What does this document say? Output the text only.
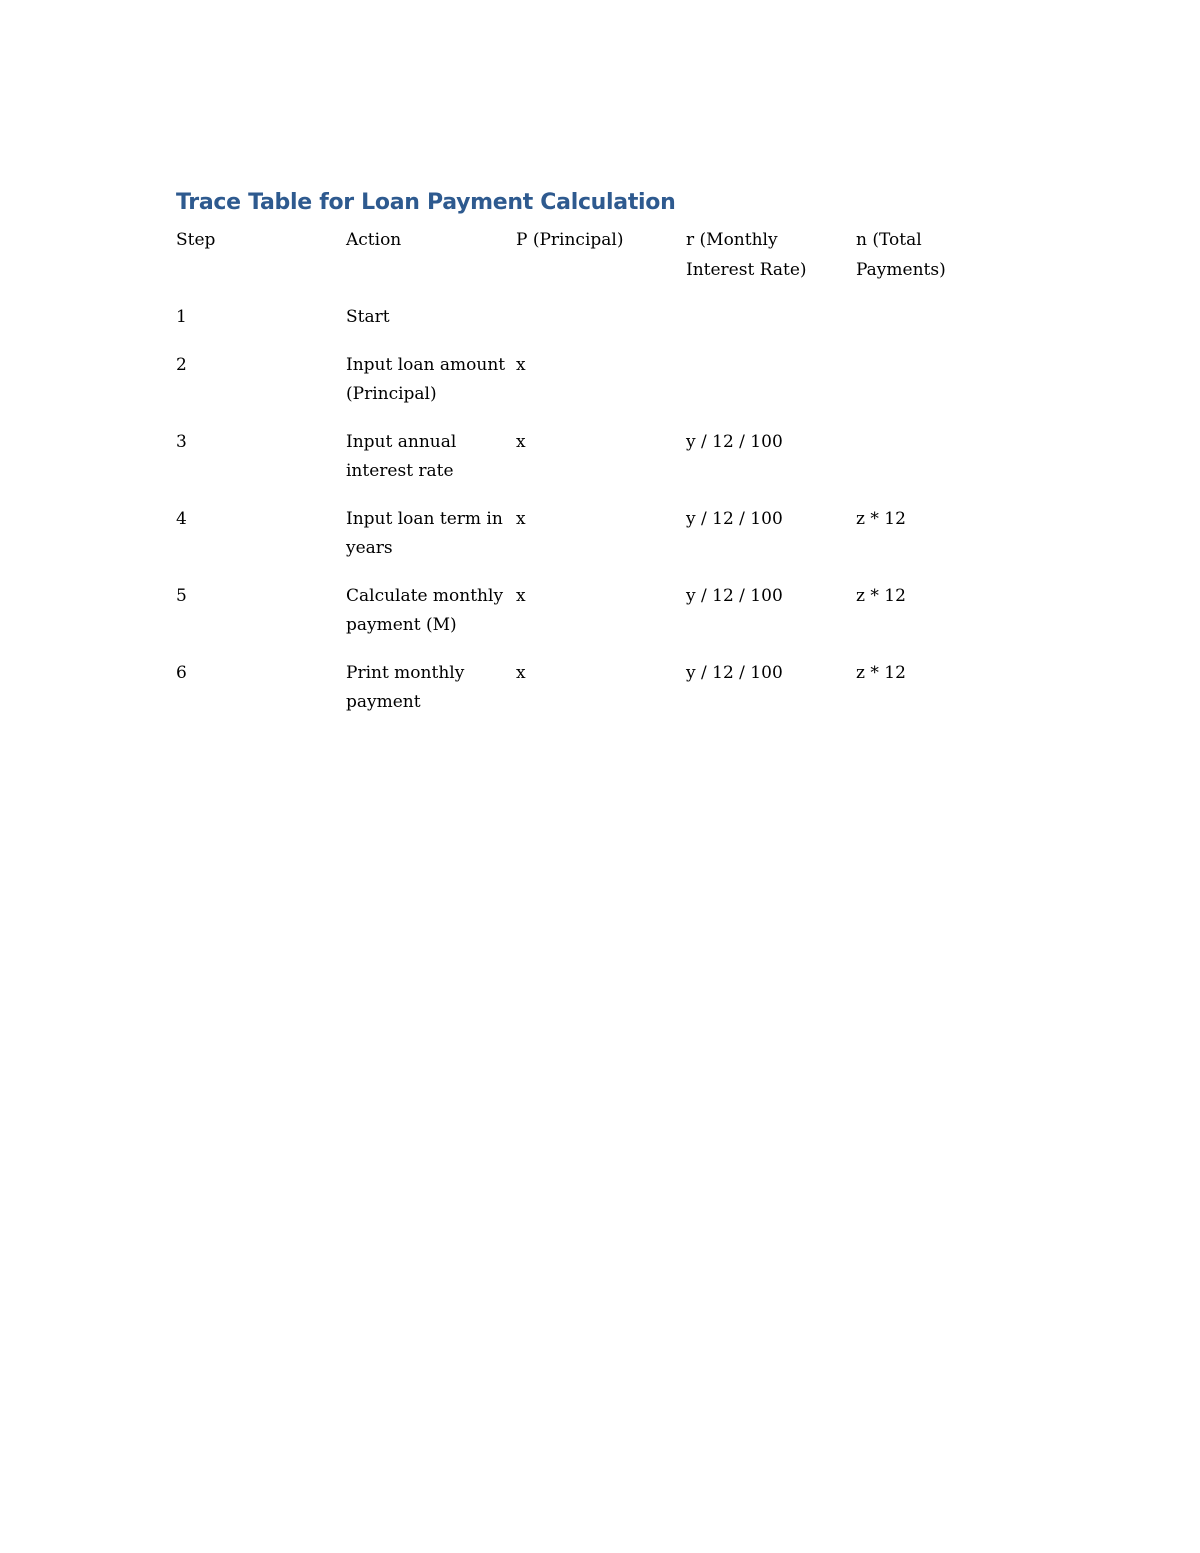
Trace Table for Loan Payment Calculation
Step	Action	P (Principal)	r (Monthly Interest Rate)	n (Total Payments)
1	Start			
2	Input loan amount (Principal)	x		
3	Input annual interest rate	x	y / 12 / 100	
4	Input loan term in years	x	y / 12 / 100	z * 12
5	Calculate monthly payment (M)	x	y / 12 / 100	z * 12
6	Print monthly payment	x	y / 12 / 100	z * 12
